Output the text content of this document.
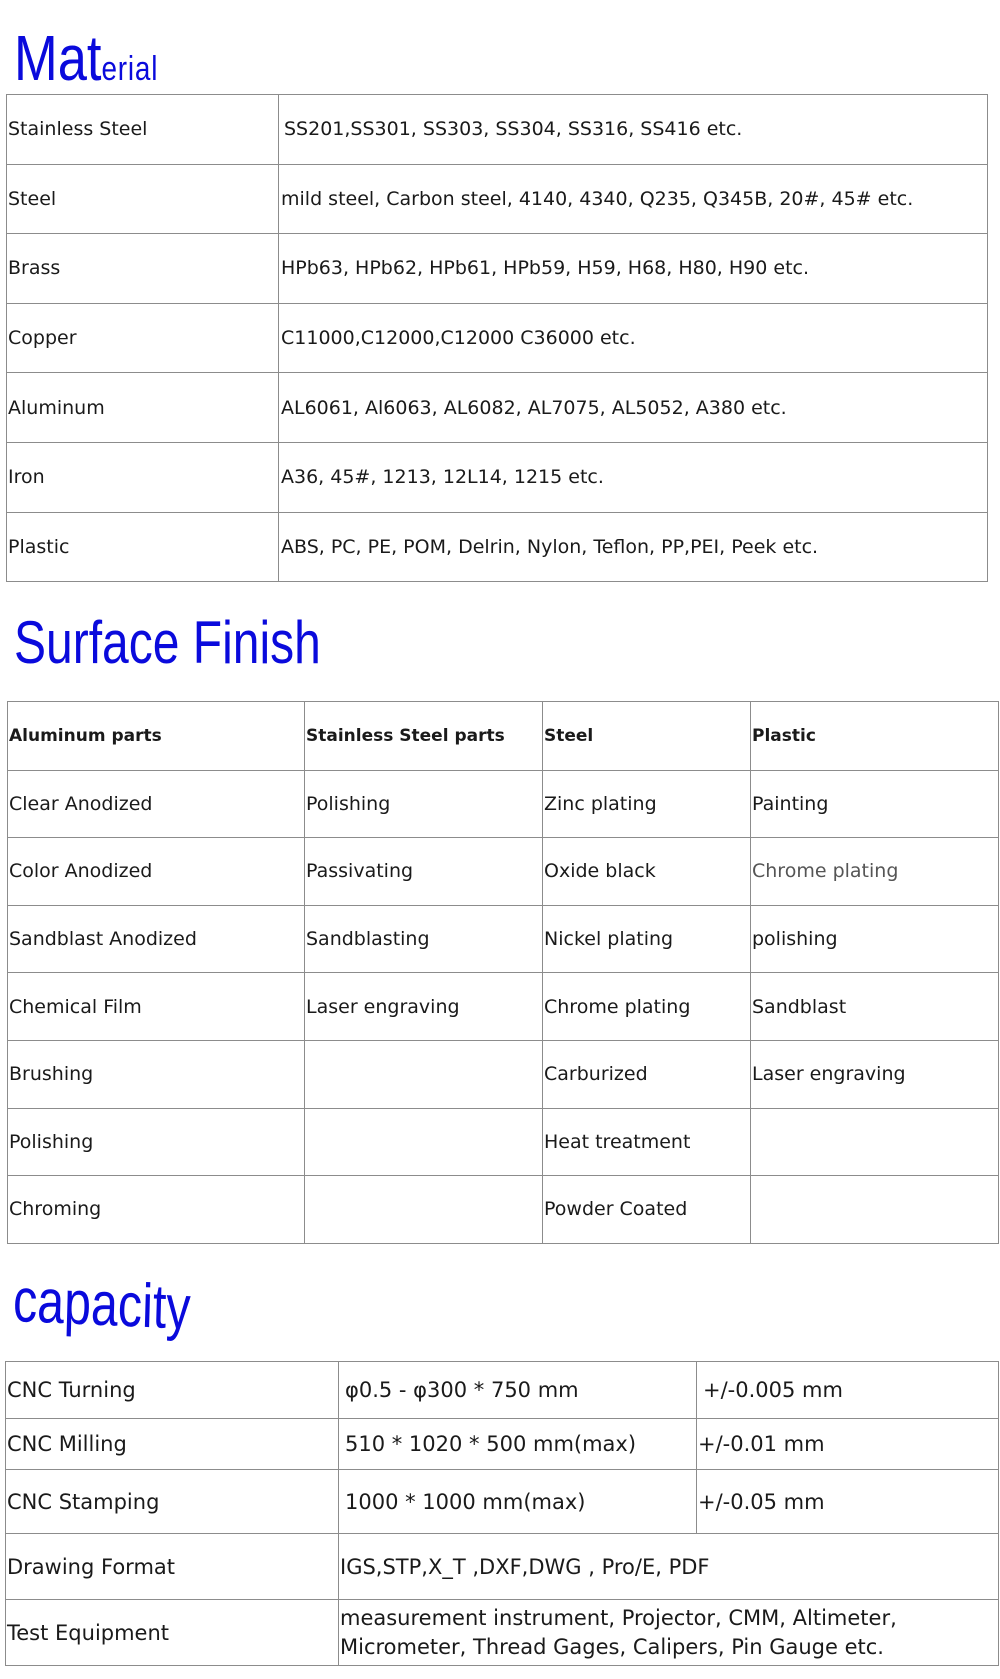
Material
Stainless Steel	SS201,SS301, SS303, SS304, SS316, SS416 etc.
Steel	mild steel, Carbon steel, 4140, 4340, Q235, Q345B, 20#, 45# etc.
Brass	HPb63, HPb62, HPb61, HPb59, H59, H68, H80, H90 etc.
Copper	C11000,C12000,C12000 C36000 etc.
Aluminum	AL6061, Al6063, AL6082, AL7075, AL5052, A380 etc.
Iron	A36, 45#, 1213, 12L14, 1215 etc.
Plastic	ABS, PC, PE, POM, Delrin, Nylon, Teflon, PP,PEI, Peek etc.
Surface Finish
Aluminum parts	Stainless Steel parts	Steel	Plastic
Clear Anodized	Polishing	Zinc plating	Painting
Color Anodized	Passivating	Oxide black	Chrome plating
Sandblast Anodized	Sandblasting	Nickel plating	polishing
Chemical Film	Laser engraving	Chrome plating	Sandblast
Brushing		Carburized	Laser engraving
Polishing		Heat treatment	
Chroming		Powder Coated	
capacity
CNC Turning	φ0.5 - φ300 * 750 mm	+/-0.005 mm
CNC Milling	510 * 1020 * 500 mm(max)	+/-0.01 mm
CNC Stamping	1000 * 1000 mm(max)	+/-0.05 mm
Drawing Format	IGS,STP,X_T ,DXF,DWG , Pro/E, PDF	
Test Equipment	measurement instrument, Projector, CMM, Altimeter, Micrometer, Thread Gages, Calipers, Pin Gauge etc.	
